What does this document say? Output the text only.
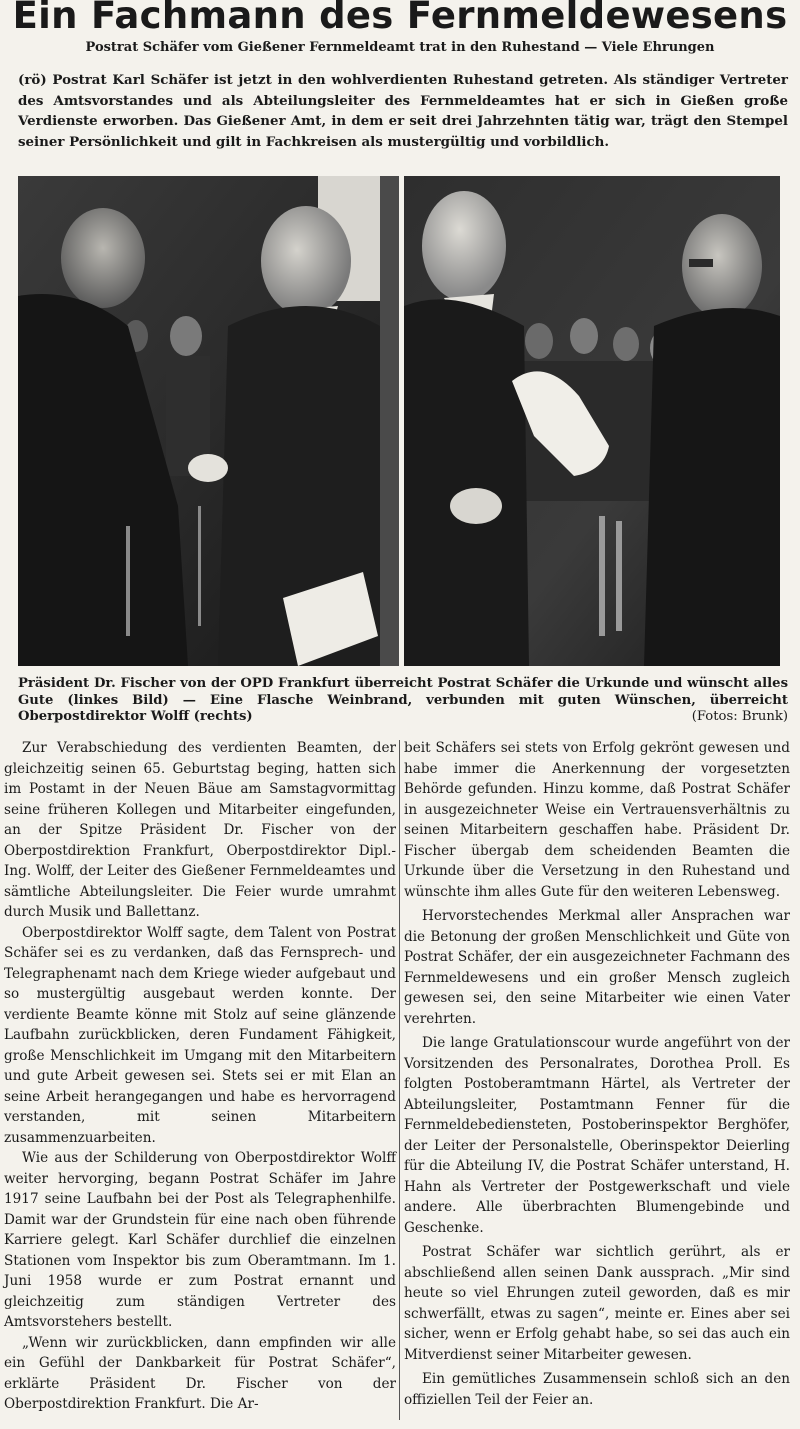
Ein Fachmann des Fernmeldewesens
Postrat Schäfer vom Gießener Fernmeldeamt trat in den Ruhestand — Viele Ehrungen
(rö) Postrat Karl Schäfer ist jetzt in den wohlverdienten Ruhestand getreten. Als ständiger Vertreter des Amtsvorstandes und als Abteilungsleiter des Fernmeldeamtes hat er sich in Gießen große Verdienste erworben. Das Gießener Amt, in dem er seit drei Jahrzehnten tätig war, trägt den Stempel seiner Persönlichkeit und gilt in Fachkreisen als mustergültig und vorbildlich.
Präsident Dr. Fischer von der OPD Frankfurt überreicht Postrat Schäfer die Urkunde und wünscht alles Gute (linkes Bild) — Eine Flasche Weinbrand, verbunden mit guten Wünschen, überreicht Oberpostdirektor Wolff (rechts)	(Fotos: Brunk)

Zur Verabschiedung des verdienten Beamten, der gleichzeitig seinen 65. Geburtstag beging, hatten sich im Postamt in der Neuen Bäue am Samstagvormittag seine früheren Kollegen und Mitarbeiter eingefunden, an der Spitze Präsident Dr. Fischer von der Oberpostdirektion Frankfurt, Oberpostdirektor Dipl.-Ing. Wolff, der Leiter des Gießener Fernmeldeamtes und sämtliche Abteilungsleiter. Die Feier wurde umrahmt durch Musik und Ballettanz.

Oberpostdirektor Wolff sagte, dem Talent von Postrat Schäfer sei es zu verdanken, daß das Fernsprech- und Telegraphenamt nach dem Kriege wieder aufgebaut und so mustergültig ausgebaut werden konnte. Der verdiente Beamte könne mit Stolz auf seine glänzende Laufbahn zurückblicken, deren Fundament Fähigkeit, große Menschlichkeit im Umgang mit den Mitarbeitern und gute Arbeit gewesen sei. Stets sei er mit Elan an seine Arbeit herangegangen und habe es hervorragend verstanden, mit seinen Mitarbeitern zusammenzuarbeiten.

Wie aus der Schilderung von Oberpostdirektor Wolff weiter hervorging, begann Postrat Schäfer im Jahre 1917 seine Laufbahn bei der Post als Telegraphenhilfe. Damit war der Grundstein für eine nach oben führende Karriere gelegt. Karl Schäfer durchlief die einzelnen Stationen vom Inspektor bis zum Oberamtmann. Im 1. Juni 1958 wurde er zum Postrat ernannt und gleichzeitig zum ständigen Vertreter des Amtsvorstehers bestellt.

„Wenn wir zurückblicken, dann empfinden wir alle ein Gefühl der Dankbarkeit für Postrat Schäfer“, erklärte Präsident Dr. Fischer von der Oberpostdirektion Frankfurt. Die Ar-

beit Schäfers sei stets von Erfolg gekrönt gewesen und habe immer die Anerkennung der vorgesetzten Behörde gefunden. Hinzu komme, daß Postrat Schäfer in ausgezeichneter Weise ein Vertrauensverhältnis zu seinen Mitarbeitern geschaffen habe. Präsident Dr. Fischer übergab dem scheidenden Beamten die Urkunde über die Versetzung in den Ruhestand und wünschte ihm alles Gute für den weiteren Lebensweg.

Hervorstechendes Merkmal aller Ansprachen war die Betonung der großen Menschlichkeit und Güte von Postrat Schäfer, der ein ausgezeichneter Fachmann des Fernmeldewesens und ein großer Mensch zugleich gewesen sei, den seine Mitarbeiter wie einen Vater verehrten.

Die lange Gratulationscour wurde angeführt von der Vorsitzenden des Personalrates, Dorothea Proll. Es folgten Postoberamtmann Härtel, als Vertreter der Abteilungsleiter, Postamtmann Fenner für die Fernmeldebediensteten, Postoberinspektor Berghöfer, der Leiter der Personalstelle, Oberinspektor Deierling für die Abteilung IV, die Postrat Schäfer unterstand, H. Hahn als Vertreter der Postgewerkschaft und viele andere. Alle überbrachten Blumengebinde und Geschenke.

Postrat Schäfer war sichtlich gerührt, als er abschließend allen seinen Dank aussprach. „Mir sind heute so viel Ehrungen zuteil geworden, daß es mir schwerfällt, etwas zu sagen“, meinte er. Eines aber sei sicher, wenn er Erfolg gehabt habe, so sei das auch ein Mitverdienst seiner Mitarbeiter gewesen.

Ein gemütliches Zusammensein schloß sich an den offiziellen Teil der Feier an.
